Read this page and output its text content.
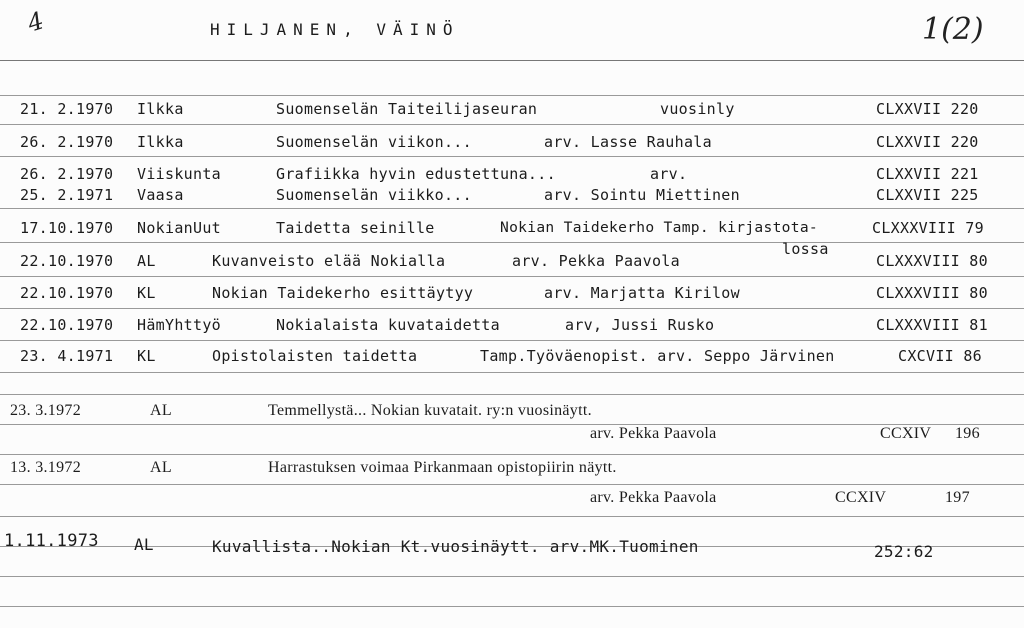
4	HILJANEN, VÄINÖ	1(2)
21. 2.1970 Ilkka	Suomenselän Taiteilijaseuran	vuosinly	CLXXVII 220
26. 2.1970 Ilkka	Suomenselän viikon...	arv. Lasse Rauhala	CLXXVII 220
26. 2.1970 Viiskunta	Grafiikka hyvin edustettuna...	arv.	CLXXVII 221
25. 2.1971 Vaasa	Suomenselän viikko...	arv. Sointu Miettinen	CLXXVII 225
17.10.1970 NokianUut	Taidetta seinille	Nokian Taidekerho Tamp. kirjastota-	CLXXXVIII 79
lossa
22.10.1970 AL	Kuvanveisto elää Nokialla	arv. Pekka Paavola	CLXXXVIII 80
22.10.1970 KL	Nokian Taidekerho esittäytyy	arv. Marjatta Kirilow	CLXXXVIII 80
22.10.1970 HämYhttyö	Nokialaista kuvataidetta	arv, Jussi Rusko	CLXXXVIII 81
23. 4.1971 KL	Opistolaisten taidetta	Tamp.Työväenopist. arv. Seppo Järvinen	CXCVII 86
23. 3.1972	AL	Temmellystä... Nokian kuvatait. ry:n vuosinäytt.
arv. Pekka Paavola	CCXIV 196
13. 3.1972	AL	Harrastuksen voimaa Pirkanmaan opistopiirin näytt.
arv. Pekka Paavola	CCXIV	197
1.11.1973 AL	Kuvallista..Nokian Kt.vuosinäytt. arv.MK.Tuominen	252:62
